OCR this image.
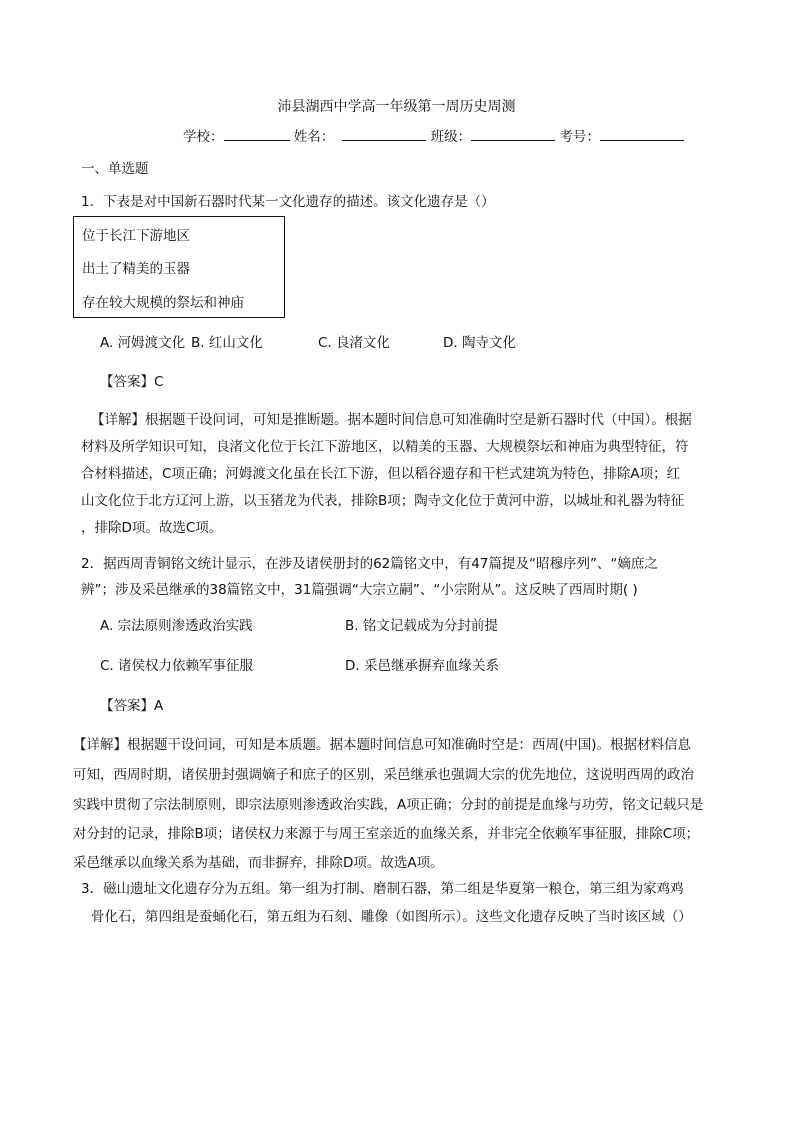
沛县湖西中学高一年级第一周历史周测
学校：	姓名：	班级：	考号：
一、单选题
1．下表是对中国新石器时代某一文化遗存的描述。该文化遗存是（）
位于长江下游地区
出土了精美的玉器
存在较大规模的祭坛和神庙
A. 河姆渡文化 B. 红山文化	C. 良渚文化	D. 陶寺文化
【答案】C
【详解】根据题干设问词，可知是推断题。据本题时间信息可知准确时空是新石器时代（中国）。根据
材料及所学知识可知，良渚文化位于长江下游地区，以精美的玉器、大规模祭坛和神庙为典型特征，符
合材料描述，C项正确；河姆渡文化虽在长江下游，但以稻谷遗存和干栏式建筑为特色，排除A项；红
山文化位于北方辽河上游，以玉猪龙为代表，排除B项；陶寺文化位于黄河中游，以城址和礼器为特征
，排除D项。故选C项。
2．据西周青铜铭文统计显示，在涉及诸侯册封的62篇铭文中，有47篇提及“昭穆序列”、“嫡庶之
辨”；涉及采邑继承的38篇铭文中，31篇强调“大宗立嗣”、“小宗附从”。这反映了西周时期( )
A. 宗法原则渗透政治实践	B. 铭文记载成为分封前提
C. 诸侯权力依赖军事征服	D. 采邑继承摒弃血缘关系
【答案】A
【详解】根据题干设问词，可知是本质题。据本题时间信息可知准确时空是：西周(中国)。根据材料信息
可知，西周时期，诸侯册封强调嫡子和庶子的区别，采邑继承也强调大宗的优先地位，这说明西周的政治
实践中贯彻了宗法制原则，即宗法原则渗透政治实践，A项正确；分封的前提是血缘与功劳，铭文记载只是
对分封的记录，排除B项；诸侯权力来源于与周王室亲近的血缘关系，并非完全依赖军事征服，排除C项；
采邑继承以血缘关系为基础，而非摒弃，排除D项。故选A项。
3．磁山遗址文化遗存分为五组。第一组为打制、磨制石器，第二组是华夏第一粮仓，第三组为家鸡鸡
骨化石，第四组是蚕蛹化石，第五组为石刻、雕像（如图所示）。这些文化遗存反映了当时该区域（）
